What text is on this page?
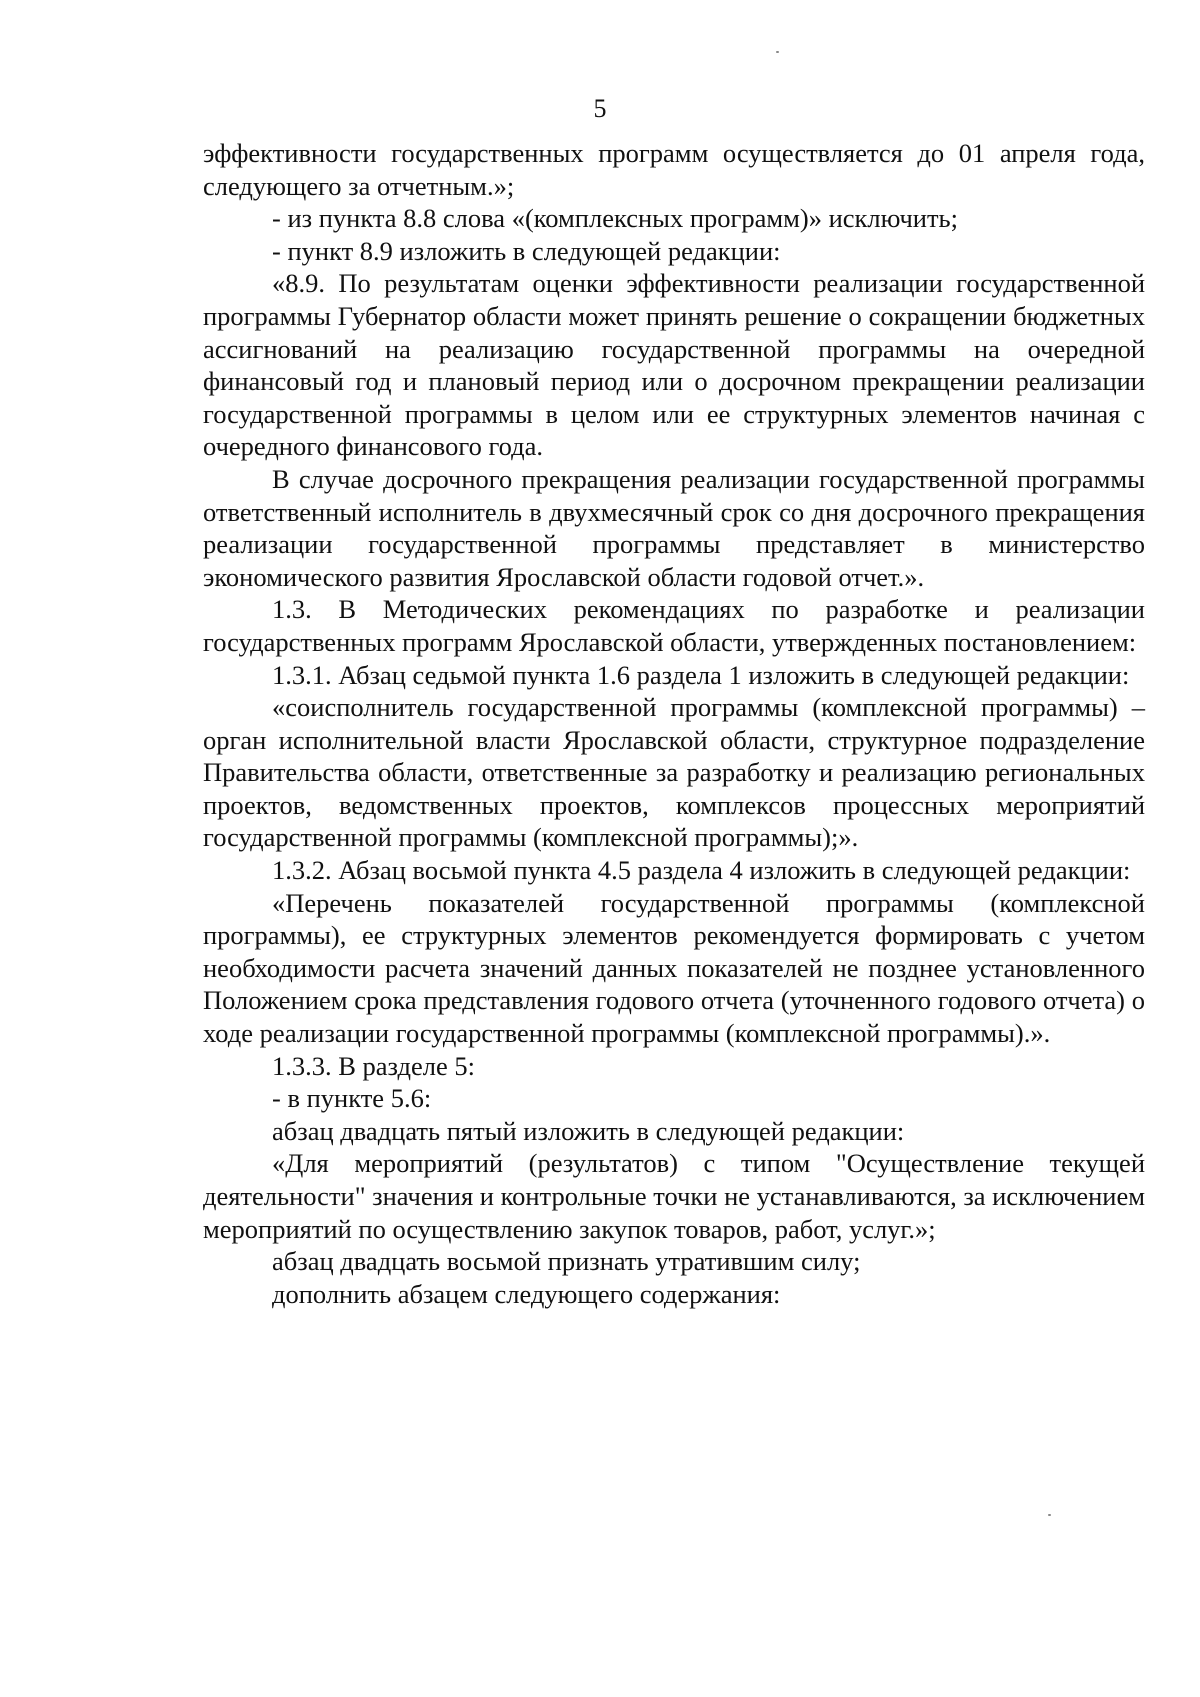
5

эффективности государственных программ осуществляется до 01 апреля года, следующего за отчетным.»;

- из пункта 8.8 слова «(комплексных программ)» исключить;

- пункт 8.9 изложить в следующей редакции:

«8.9. По результатам оценки эффективности реализации государственной программы Губернатор области может принять решение о сокращении бюджетных ассигнований на реализацию государственной программы на очередной финансовый год и плановый период или о досрочном прекращении реализации государственной программы в целом или ее структурных элементов начиная с очередного финансового года.

В случае досрочного прекращения реализации государственной программы ответственный исполнитель в двухмесячный срок со дня досрочного прекращения реализации государственной программы представляет в министерство экономического развития Ярославской области годовой отчет.».

1.3. В Методических рекомендациях по разработке и реализации государственных программ Ярославской области, утвержденных постановлением:

1.3.1. Абзац седьмой пункта 1.6 раздела 1 изложить в следующей редакции:

«соисполнитель государственной программы (комплексной программы) – орган исполнительной власти Ярославской области, структурное подразделение Правительства области, ответственные за разработку и реализацию региональных проектов, ведомственных проектов, комплексов процессных мероприятий государственной программы (комплексной программы);».

1.3.2. Абзац восьмой пункта 4.5 раздела 4 изложить в следующей редакции:

«Перечень показателей государственной программы (комплексной программы), ее структурных элементов рекомендуется формировать с учетом необходимости расчета значений данных показателей не позднее установленного Положением срока представления годового отчета (уточненного годового отчета) о ходе реализации государственной программы (комплексной программы).».

1.3.3. В разделе 5:

- в пункте 5.6:

абзац двадцать пятый изложить в следующей редакции:

«Для мероприятий (результатов) с типом "Осуществление текущей деятельности" значения и контрольные точки не устанавливаются, за исключением мероприятий по осуществлению закупок товаров, работ, услуг.»;

абзац двадцать восьмой признать утратившим силу;

дополнить абзацем следующего содержания:
